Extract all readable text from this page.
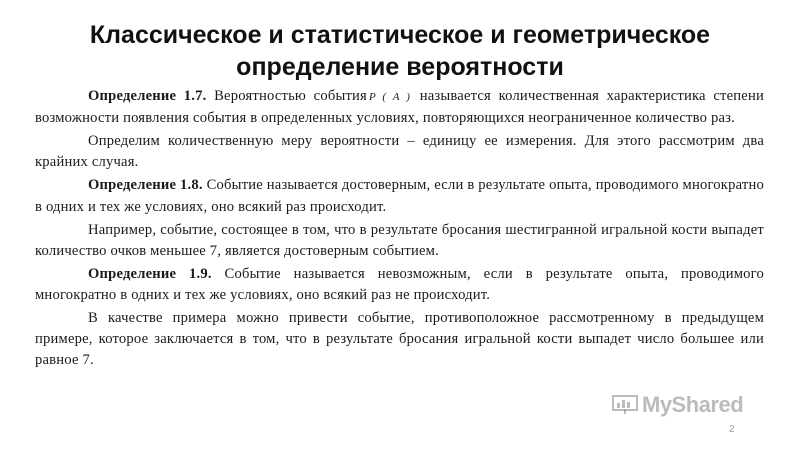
Классическое и статистическое и геометрическое
определение вероятности

Определение 1.7. Вероятностью события P ( A ) называется количественная характеристика степени возможности появления события в определенных условиях, повторяющихся неограниченное количество раз.

Определим количественную меру вероятности – единицу ее измерения. Для этого рассмотрим два крайних случая.

Определение 1.8. Событие называется достоверным, если в результате опыта, проводимого многократно в одних и тех же условиях, оно всякий раз происходит.

Например, событие, состоящее в том, что в результате бросания шестигранной игральной кости выпадет количество очков меньшее 7, является достоверным событием.

Определение 1.9. Событие называется невозможным, если в результате опыта, проводимого многократно в одних и тех же условиях, оно всякий раз не происходит.

В качестве примера можно привести событие, противоположное рассмотренному в предыдущем примере, которое заключается в том, что в результате бросания игральной кости выпадет число большее или равное 7.

MyShared
2
